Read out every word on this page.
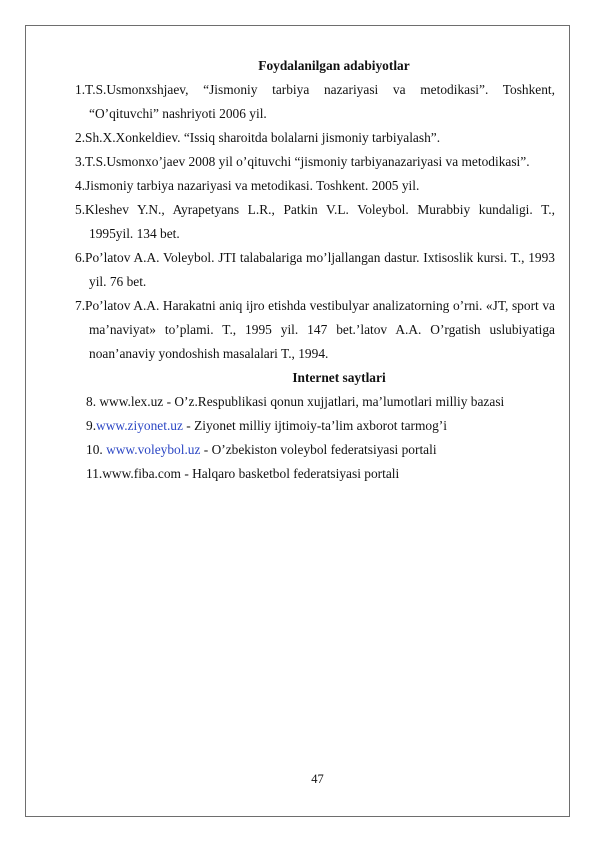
Foydalanilgan adabiyotlar

1.T.S.Usmonxshjaev, “Jismoniy tarbiya nazariyasi va metodikasi”. Toshkent, “O’qituvchi” nashriyoti 2006 yil.

2.Sh.X.Xonkeldiev. “Issiq sharoitda bolalarni jismoniy tarbiyalash”.

3.T.S.Usmonxo’jaev 2008 yil o’qituvchi “jismoniy tarbiyanazariyasi va metodikasi”.

4.Jismoniy tarbiya nazariyasi va metodikasi. Toshkent. 2005 yil.

5.Kleshev Y.N., Ayrapetyans L.R., Patkin V.L. Voleybol. Murabbiy kundaligi. T., 1995yil. 134 bet.

6.Po’latov A.A. Voleybol. JTI talabalariga mo’ljallangan dastur. Ixtisoslik kursi. T., 1993 yil. 76 bet.

7.Po’latov A.A. Harakatni aniq ijro etishda vestibulyar analizatorning o’rni. «JT, sport va ma’naviyat» to’plami. T., 1995 yil. 147 bet.’latov A.A. O’rgatish uslubiyatiga noan’anaviy yondoshish masalalari T., 1994.

Internet saytlari

8. www.lex.uz - O’z.Respublikasi qonun xujjatlari, ma’lumotlari milliy bazasi

9.www.ziyonet.uz - Ziyonet milliy ijtimoiy-ta’lim axborot tarmog’i

10. www.voleybol.uz - O’zbekiston voleybol federatsiyasi portali

11.www.fiba.com - Halqaro basketbol federatsiyasi portali

47
